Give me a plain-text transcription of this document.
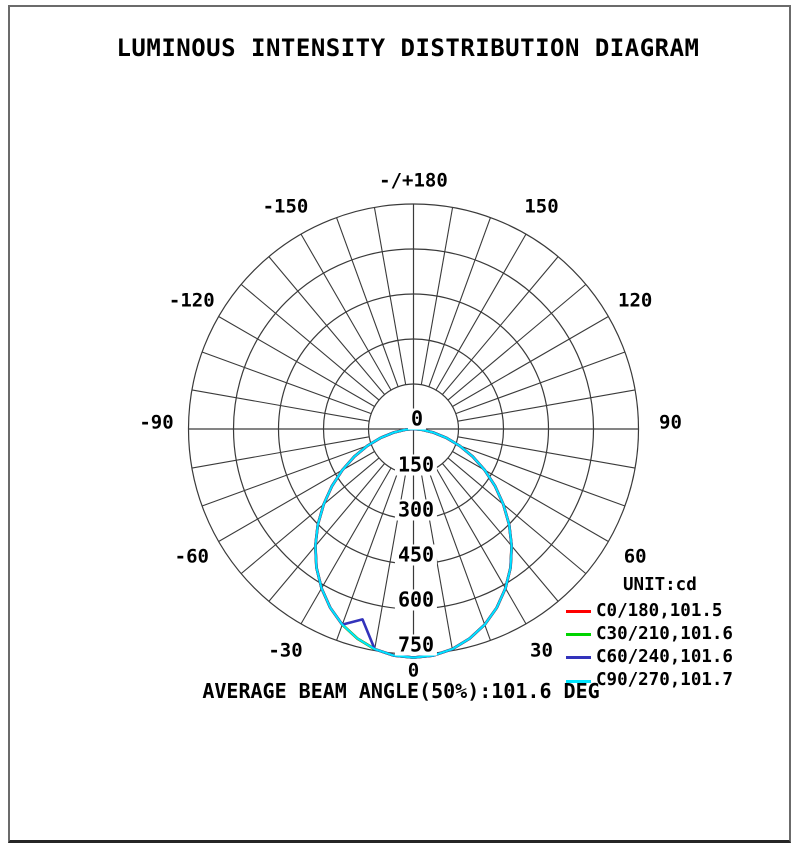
LUMINOUS INTENSITY DISTRIBUTION DIAGRAM
0
30
60
90
120
150
-/+180
-150
-120
-90
-60
-30
0
150
300
450
600
750
UNIT:cd
C0/180,101.5
C30/210,101.6
C60/240,101.6
C90/270,101.7
AVERAGE BEAM ANGLE(50%):101.6 DEG
